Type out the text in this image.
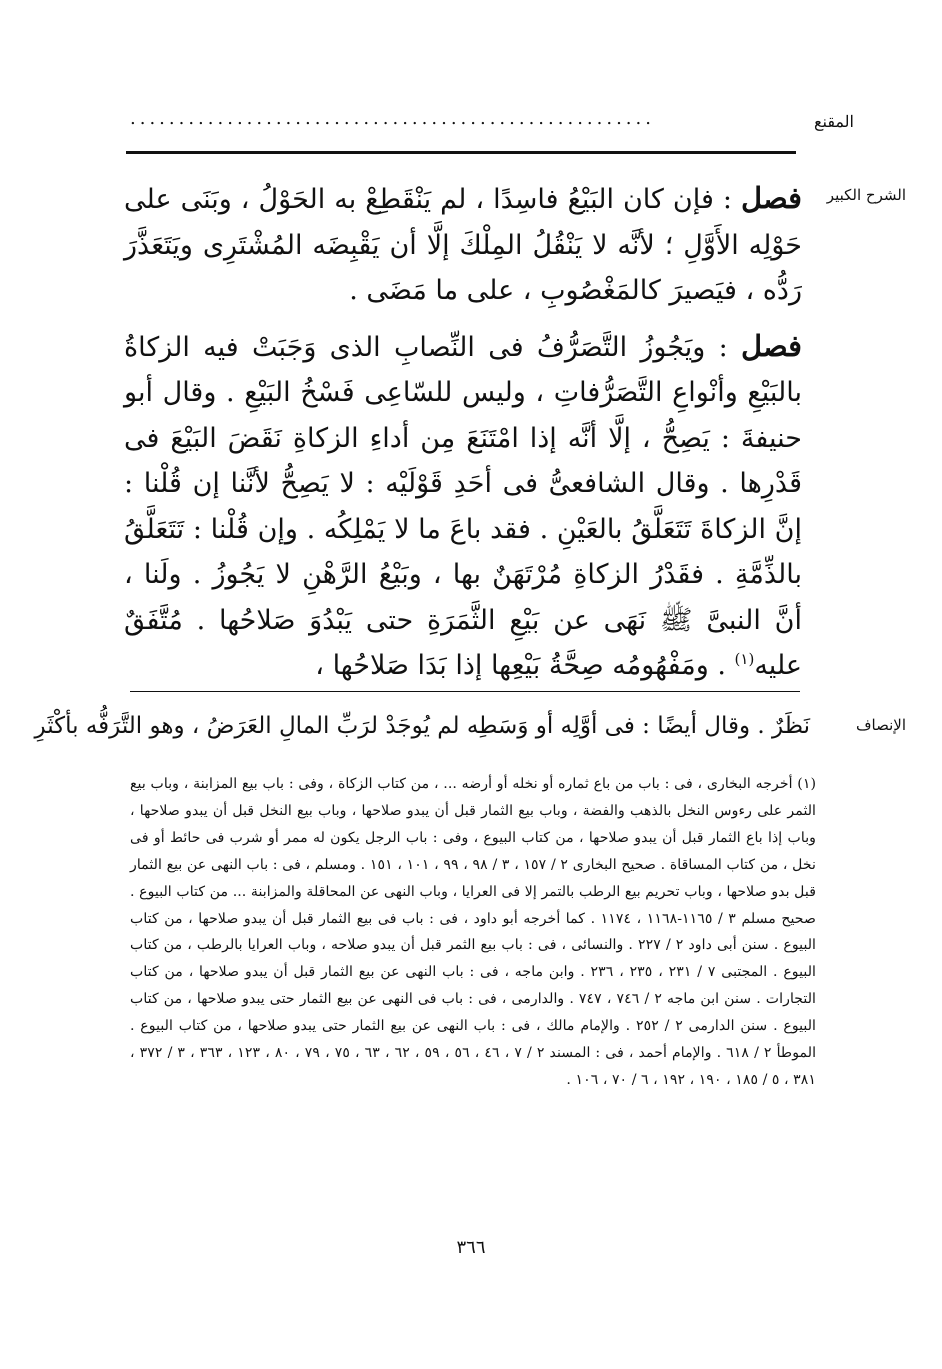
المقنع
......................................................
الشرح الكبير

فصل : فإن كان البَيْعُ فاسِدًا ، لم يَنْقَطِعْ به الحَوْلُ ، وبَنَى على حَوْلِه الأَوَّلِ ؛ لأنَّه لا يَنْقُلُ المِلْكَ إلَّا أن يَقْبِضَه المُشْتَرِى ويَتَعَذَّرَ رَدُّه ، فيَصيرَ كالمَغْصُوبِ ، على ما مَضَى .

فصل : ويَجُوزُ التَّصَرُّفُ فى النِّصابِ الذى وَجَبَتْ فيه الزكاةُ بالبَيْعِ وأنْواعِ التَّصَرُّفاتِ ، وليس للسّاعِى فَسْخُ البَيْعِ . وقال أبو حنيفةَ : يَصِحُّ ، إلَّا أنَّه إذا امْتَنَعَ مِن أداءِ الزكاةِ نَقَضَ البَيْعَ فى قَدْرِها . وقال الشافعىُّ فى أحَدِ قَوْلَيْه : لا يَصِحُّ لأنَّنا إن قُلْنا : إنَّ الزكاةَ تَتَعَلَّقُ بالعَيْنِ . فقد باعَ ما لا يَمْلِكُه . وإن قُلْنا : تَتَعَلَّقُ بالذِّمَّةِ . فقَدْرُ الزكاةِ مُرْتَهَنٌ بها ، وبَيْعُ الرَّهْنِ لا يَجُوزُ . ولَنا ، أنَّ النبىَّ ﷺ نَهَى عن بَيْعِ الثَّمَرَةِ حتى يَبْدُوَ صَلاحُها . مُتَّفَقٌ عليه$^{(١)}$ . ومَفْهُومُه صِحَّةُ بَيْعِها إذا بَدَا صَلاحُها ،

الإنصاف
نَظَرٌ . وقال أيضًا : فى أوَّلِه أو وَسَطِه لم يُوجَدْ لرَبِّ المالِ العَرَضُ ، وهو التَّرَفُّه بأكْثَرِ

(١) أخرجه البخارى ، فى : باب من باع ثماره أو نخله أو أرضه ... ، من كتاب الزكاة ، وفى : باب بيع المزابنة ، وباب بيع الثمر على رءوس النخل بالذهب والفضة ، وباب بيع الثمار قبل أن يبدو صلاحها ، وباب بيع النخل قبل أن يبدو صلاحها ، وباب إذا باع الثمار قبل أن يبدو صلاحها ، من كتاب البيوع ، وفى : باب الرجل يكون له ممر أو شرب فى حائط أو فى نخل ، من كتاب المساقاة . صحيح البخارى ٢ / ١٥٧ ، ٣ / ٩٨ ، ٩٩ ، ١٠١ ، ١٥١ . ومسلم ، فى : باب النهى عن بيع الثمار قبل بدو صلاحها ، وباب تحريم بيع الرطب بالتمر إلا فى العرايا ، وباب النهى عن المحاقلة والمزابنة ... من كتاب البيوع . صحيح مسلم ٣ / ١١٦٥-١١٦٨ ، ١١٧٤ . كما أخرجه أبو داود ، فى : باب فى بيع الثمار قبل أن يبدو صلاحها ، من كتاب البيوع . سنن أبى داود ٢ / ٢٢٧ . والنسائى ، فى : باب بيع الثمر قبل أن يبدو صلاحه ، وباب العرايا بالرطب ، من كتاب البيوع . المجتبى ٧ / ٢٣١ ، ٢٣٥ ، ٢٣٦ . وابن ماجه ، فى : باب النهى عن بيع الثمار قبل أن يبدو صلاحها ، من كتاب التجارات . سنن ابن ماجه ٢ / ٧٤٦ ، ٧٤٧ . والدارمى ، فى : باب فى النهى عن بيع الثمار حتى يبدو صلاحها ، من كتاب البيوع . سنن الدارمى ٢ / ٢٥٢ . والإمام مالك ، فى : باب النهى عن بيع الثمار حتى يبدو صلاحها ، من كتاب البيوع . الموطأ ٢ / ٦١٨ . والإمام أحمد ، فى : المسند ٢ / ٧ ، ٤٦ ، ٥٦ ، ٥٩ ، ٦٢ ، ٦٣ ، ٧٥ ، ٧٩ ، ٨٠ ، ١٢٣ ، ٣٦٣ ، ٣ / ٣٧٢ ، ٣٨١ ، ٥ / ١٨٥ ، ١٩٠ ، ١٩٢ ، ٦ / ٧٠ ، ١٠٦ .

٣٦٦
